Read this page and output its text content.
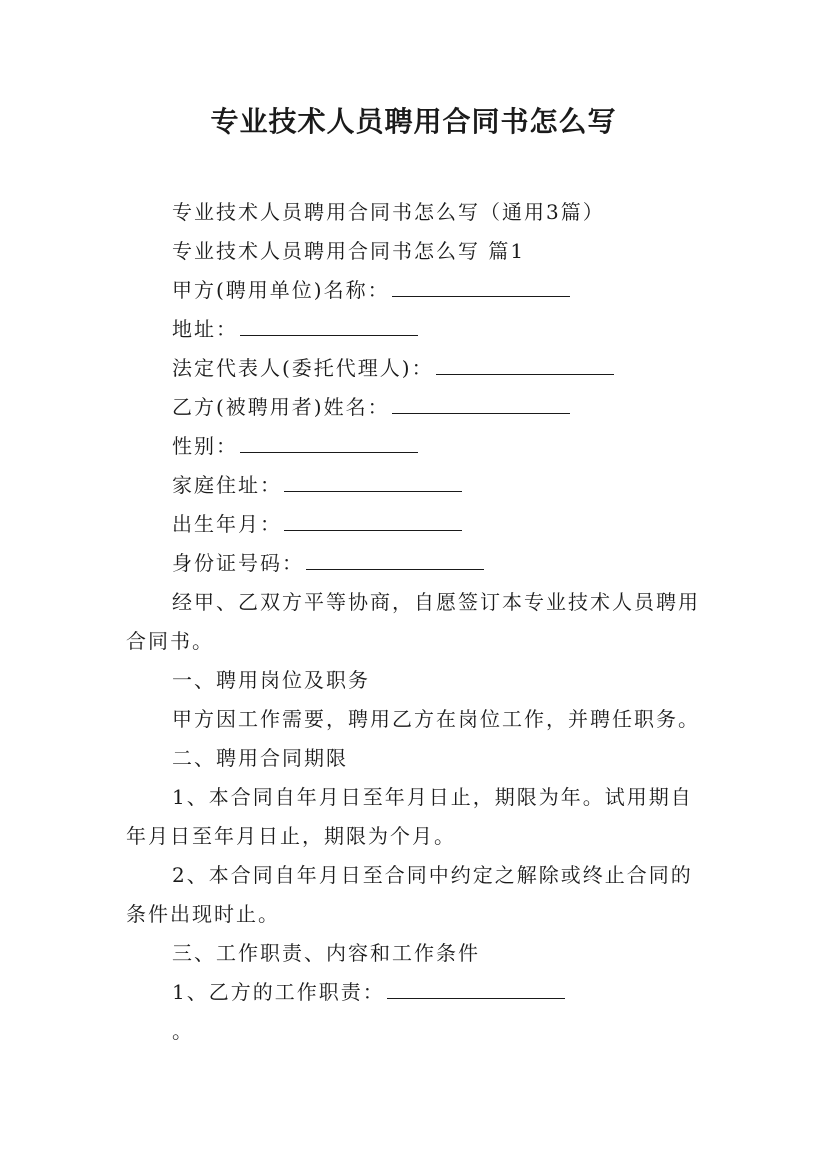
专业技术人员聘用合同书怎么写
专业技术人员聘用合同书怎么写（通用3篇）
专业技术人员聘用合同书怎么写 篇1
甲方(聘用单位)名称：
地址：
法定代表人(委托代理人)：
乙方(被聘用者)姓名：
性别：
家庭住址：
出生年月：
身份证号码：
经甲、乙双方平等协商，自愿签订本专业技术人员聘用
合同书。
一、聘用岗位及职务
甲方因工作需要，聘用乙方在岗位工作，并聘任职务。
二、聘用合同期限
1、本合同自年月日至年月日止，期限为年。试用期自
年月日至年月日止，期限为个月。
2、本合同自年月日至合同中约定之解除或终止合同的
条件出现时止。
三、工作职责、内容和工作条件
1、乙方的工作职责：
。
